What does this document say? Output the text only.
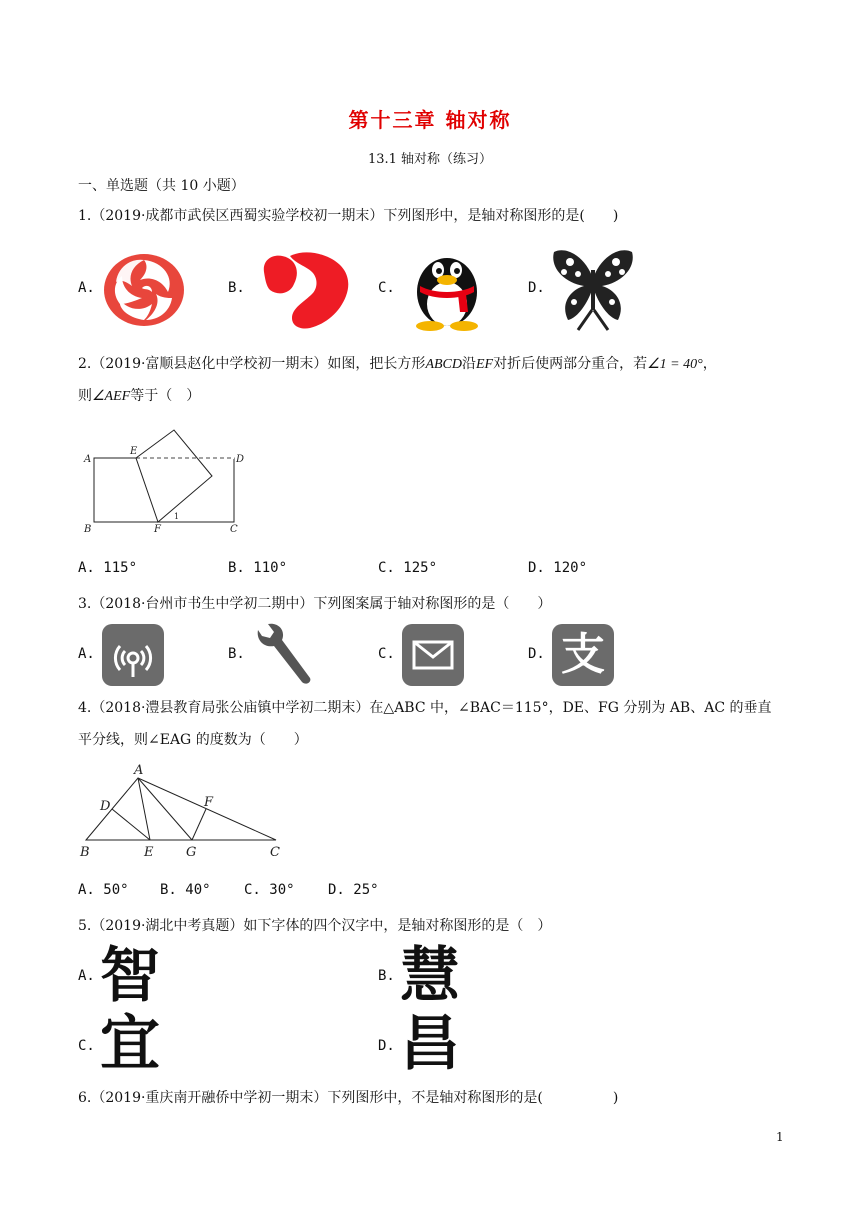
第十三章 轴对称
13.1 轴对称（练习）
一、单选题（共 10 小题）
1.（2019·成都市武侯区西蜀实验学校初一期末）下列图形中，是轴对称图形的是(　　)
A.	B.	C.	D.
2.（2019·富顺县赵化中学校初一期末）如图，把长方形ABCD沿EF对折后使两部分重合，若∠1 = 40°，
则∠AEF等于（　）
A
E
D
B	F	C
1
A. 115°	B. 110°	C. 125°	D. 120°
3.（2018·台州市书生中学初二期中）下列图案属于轴对称图形的是（　　）
A.	B.	C.	D. 支
4.（2018·澧县教育局张公庙镇中学初二期末）在△ABC 中，∠BAC＝115°，DE、FG 分别为 AB、AC 的垂直
平分线，则∠EAG 的度数为（　　）
A
D	F
B	E	G	C
A. 50° B. 40° C. 30° D. 25°
5.（2019·湖北中考真题）如下字体的四个汉字中，是轴对称图形的是（　）
A. 智	B. 慧
C. 宜	D. 昌
6.（2019·重庆南开融侨中学初一期末）下列图形中，不是轴对称图形的是(　　　　　)
1
